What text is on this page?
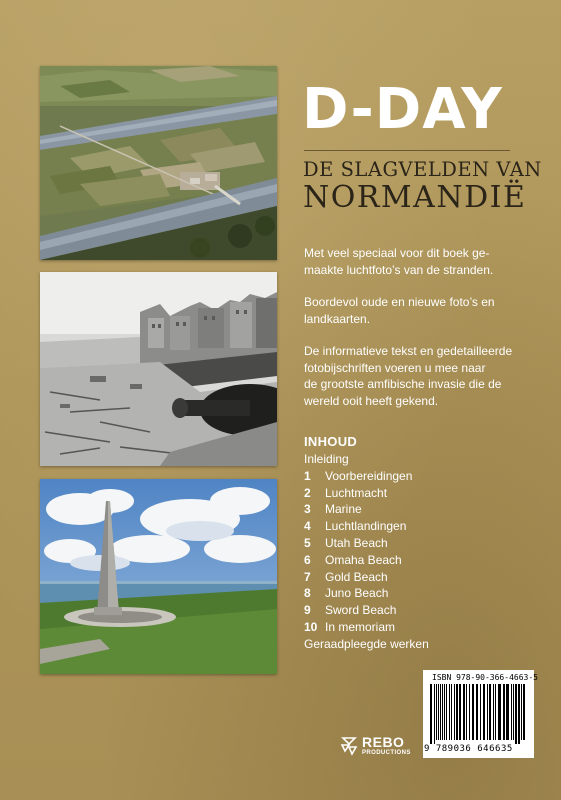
D-DAY
DE SLAGVELDEN VAN
NORMANDIË

Met veel speciaal voor dit boek ge-
maakte luchtfoto’s van de stranden.

Boordevol oude en nieuwe foto’s en
landkaarten.

De informatieve tekst en gedetailleerde
fotobijschriften voeren u mee naar
de grootste amfibische invasie die de
wereld ooit heeft gekend.

INHOUD
Inleiding
1	Voorbereidingen
2	Luchtmacht
3	Marine
4	Luchtlandingen
5	Utah Beach
6	Omaha Beach
7	Gold Beach
8	Juno Beach
9	Sword Beach
10 In memoriam
Geraadpleegde werken
ISBN 978-90-366-4663-5
9 789036 646635
REBO
PRODUCTIONS
